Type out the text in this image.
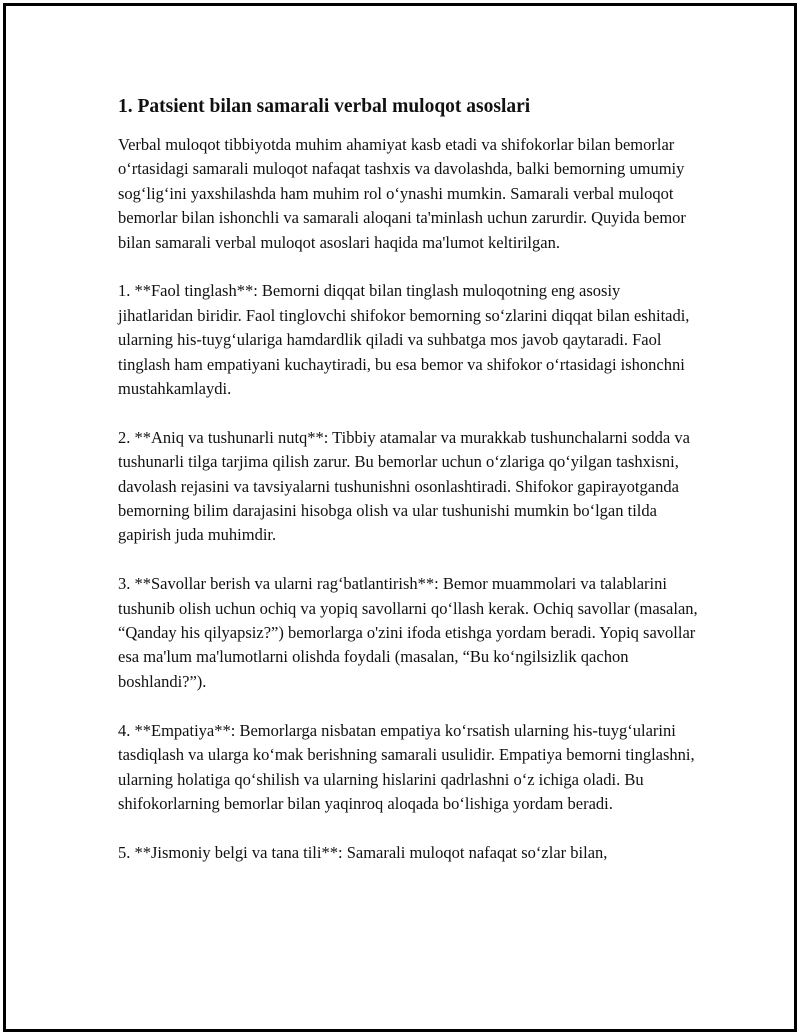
1. Patsient bilan samarali verbal muloqot asoslari

Verbal muloqot tibbiyotda muhim ahamiyat kasb etadi va shifokorlar bilan bemorlar o‘rtasidagi samarali muloqot nafaqat tashxis va davolashda, balki bemorning umumiy sog‘lig‘ini yaxshilashda ham muhim rol o‘ynashi mumkin. Samarali verbal muloqot bemorlar bilan ishonchli va samarali aloqani ta'minlash uchun zarurdir. Quyida bemor bilan samarali verbal muloqot asoslari haqida ma'lumot keltirilgan.

1. **Faol tinglash**: Bemorni diqqat bilan tinglash muloqotning eng asosiy jihatlaridan biridir. Faol tinglovchi shifokor bemorning so‘zlarini diqqat bilan eshitadi, ularning his-tuyg‘ulariga hamdardlik qiladi va suhbatga mos javob qaytaradi. Faol tinglash ham empatiyani kuchaytiradi, bu esa bemor va shifokor o‘rtasidagi ishonchni mustahkamlaydi.

2. **Aniq va tushunarli nutq**: Tibbiy atamalar va murakkab tushunchalarni sodda va tushunarli tilga tarjima qilish zarur. Bu bemorlar uchun o‘zlariga qo‘yilgan tashxisni, davolash rejasini va tavsiyalarni tushunishni osonlashtiradi. Shifokor gapirayotganda bemorning bilim darajasini hisobga olish va ular tushunishi mumkin bo‘lgan tilda gapirish juda muhimdir.

3. **Savollar berish va ularni rag‘batlantirish**: Bemor muammolari va talablarini tushunib olish uchun ochiq va yopiq savollarni qo‘llash kerak. Ochiq savollar (masalan, “Qanday his qilyapsiz?”) bemorlarga o'zini ifoda etishga yordam beradi. Yopiq savollar esa ma'lum ma'lumotlarni olishda foydali (masalan, “Bu ko‘ngilsizlik qachon boshlandi?”).

4. **Empatiya**: Bemorlarga nisbatan empatiya ko‘rsatish ularning his-tuyg‘ularini tasdiqlash va ularga ko‘mak berishning samarali usulidir. Empatiya bemorni tinglashni, ularning holatiga qo‘shilish va ularning hislarini qadrlashni o‘z ichiga oladi. Bu shifokorlarning bemorlar bilan yaqinroq aloqada bo‘lishiga yordam beradi.

5. **Jismoniy belgi va tana tili**: Samarali muloqot nafaqat so‘zlar bilan,
